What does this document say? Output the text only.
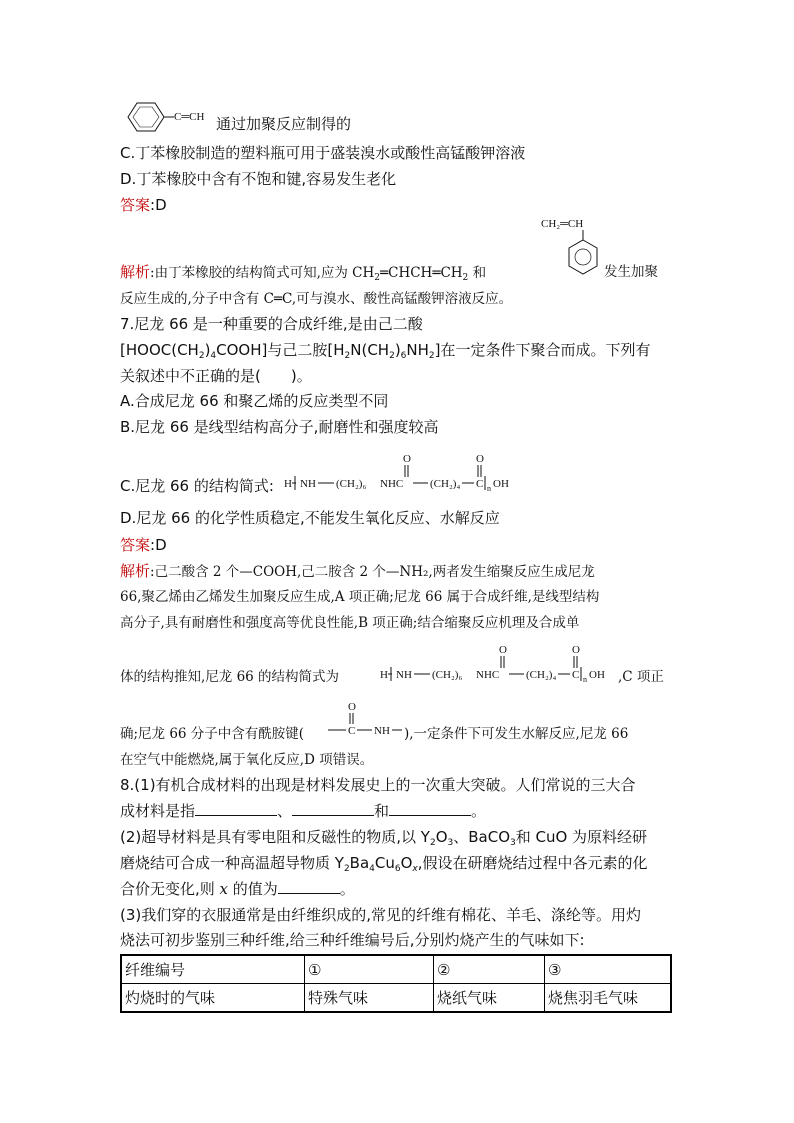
C═CH 通过加聚反应制得的
C.丁苯橡胶制造的塑料瓶可用于盛装溴水或酸性高锰酸钾溶液
D.丁苯橡胶中含有不饱和键,容易发生老化
答案:D
CH₂═CH
解析:由丁苯橡胶的结构简式可知,应为 $CH_2═CHCH═CH_2$ 和	发生加聚
反应生成的,分子中含有 C═C,可与溴水、酸性高锰酸钾溶液反应。
7.尼龙 66 是一种重要的合成纤维,是由己二酸
$[HOOC(CH_2)_4COOH]$与己二胺$[H_2N(CH_2)_6NH_2]$在一定条件下聚合而成。下列有
关叙述中不正确的是(　　)。
A.合成尼龙 66 和聚乙烯的反应类型不同
B.尼龙 66 是线型结构高分子,耐磨性和强度较高
C.尼龙 66 的结构简式: H NH (CH₂)₆ NHC
O
(CH₂)₄ C
O
n OH
D.尼龙 66 的化学性质稳定,不能发生氧化反应、水解反应
答案:D
解析:己二酸含 2 个—COOH,己二胺含 2 个—NH₂,两者发生缩聚反应生成尼龙
66,聚乙烯由乙烯发生加聚反应生成,A 项正确;尼龙 66 属于合成纤维,是线型结构
高分子,具有耐磨性和强度高等优良性能,B 项正确;结合缩聚反应机理及合成单
体的结构推知,尼龙 66 的结构简式为	H NH (CH₂)₆ NHC
O
(CH₂)₄ C
O
n OH ,C 项正
确;尼龙 66 分子中含有酰胺键(	C
O
NH ),一定条件下可发生水解反应,尼龙 66
在空气中能燃烧,属于氧化反应,D 项错误。
8.(1)有机合成材料的出现是材料发展史上的一次重大突破。人们常说的三大合
成材料是指	、	和	。
(2)超导材料是具有零电阻和反磁性的物质,以 $Y_2O_3$、BaCO$_3$和 CuO 为原料经研
磨烧结可合成一种高温超导物质 $Y_2Ba_4Cu_6O_x$,假设在研磨烧结过程中各元素的化
合价无变化,则 x 的值为	。
(3)我们穿的衣服通常是由纤维织成的,常见的纤维有棉花、羊毛、涤纶等。用灼
烧法可初步鉴别三种纤维,给三种纤维编号后,分别灼烧产生的气味如下:
纤维编号	①	②	③
灼烧时的气味	特殊气味	烧纸气味	烧焦羽毛气味
